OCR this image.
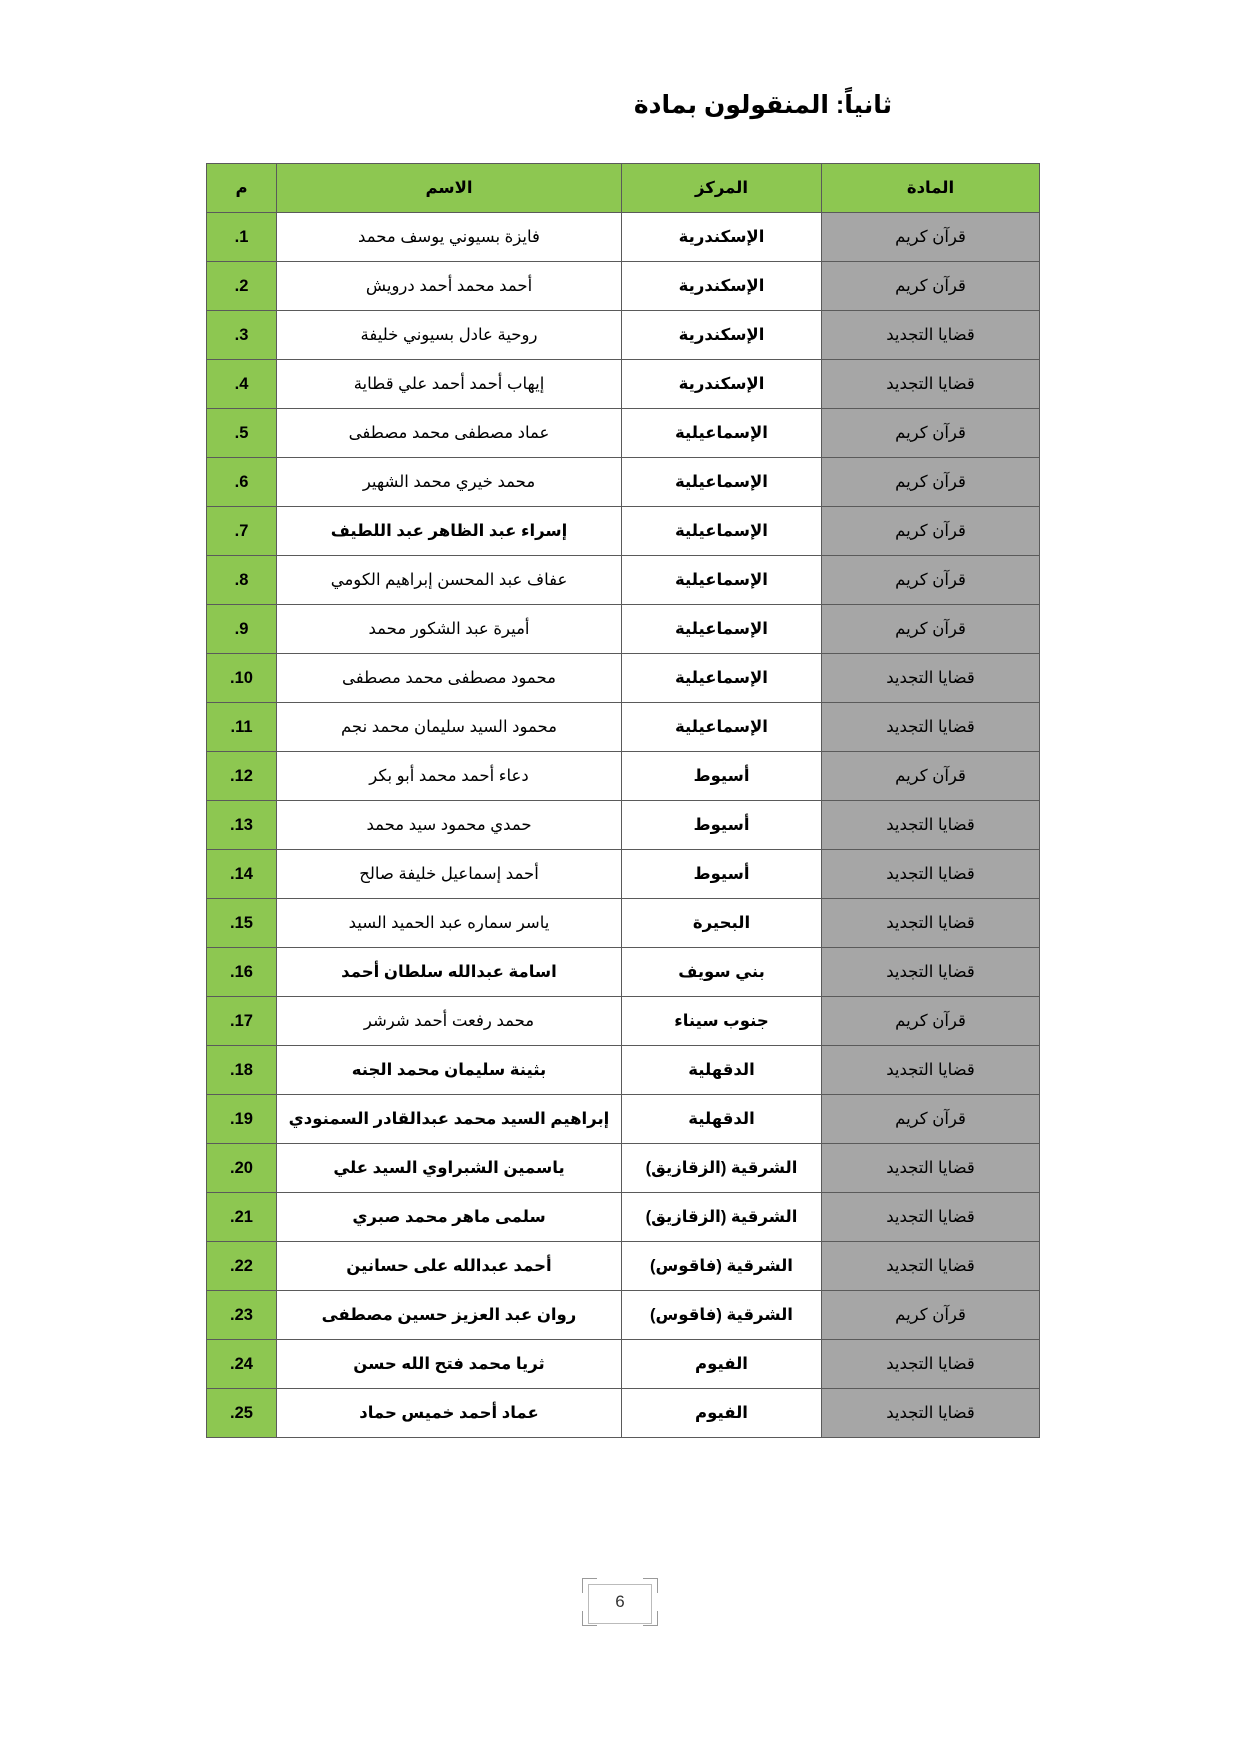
ثانياً: المنقولون بمادة
المادة	المركز	الاسم	م
قرآن كريم	الإسكندرية	فايزة بسيوني يوسف محمد	.1
قرآن كريم	الإسكندرية	أحمد محمد أحمد درويش	.2
قضايا التجديد	الإسكندرية	روحية عادل بسيوني خليفة	.3
قضايا التجديد	الإسكندرية	إيهاب أحمد أحمد علي قطاية	.4
قرآن كريم	الإسماعيلية	عماد مصطفى محمد مصطفى	.5
قرآن كريم	الإسماعيلية	محمد خيري محمد الشهير	.6
قرآن كريم	الإسماعيلية	إسراء عبد الظاهر عبد اللطيف	.7
قرآن كريم	الإسماعيلية	عفاف عبد المحسن إبراهيم الكومي	.8
قرآن كريم	الإسماعيلية	أميرة عبد الشكور محمد	.9
قضايا التجديد	الإسماعيلية	محمود مصطفى محمد مصطفى	.10
قضايا التجديد	الإسماعيلية	محمود السيد سليمان محمد نجم	.11
قرآن كريم	أسيوط	دعاء أحمد محمد أبو بكر	.12
قضايا التجديد	أسيوط	حمدي محمود سيد محمد	.13
قضايا التجديد	أسيوط	أحمد إسماعيل خليفة صالح	.14
قضايا التجديد	البحيرة	ياسر سماره عبد الحميد السيد	.15
قضايا التجديد	بني سويف	اسامة عبدالله سلطان أحمد	.16
قرآن كريم	جنوب سيناء	محمد رفعت أحمد شرشر	.17
قضايا التجديد	الدقهلية	بثينة سليمان محمد الجنه	.18
قرآن كريم	الدقهلية	إبراهيم السيد محمد عبدالقادر السمنودي	.19
قضايا التجديد	الشرقية (الزقازيق)	ياسمين الشبراوي السيد علي	.20
قضايا التجديد	الشرقية (الزقازيق)	سلمى ماهر محمد صبري	.21
قضايا التجديد	الشرقية (فاقوس)	أحمد عبدالله على حسانين	.22
قرآن كريم	الشرقية (فاقوس)	روان عبد العزيز حسين مصطفى	.23
قضايا التجديد	الفيوم	ثريا محمد فتح الله حسن	.24
قضايا التجديد	الفيوم	عماد أحمد خميس حماد	.25
6
